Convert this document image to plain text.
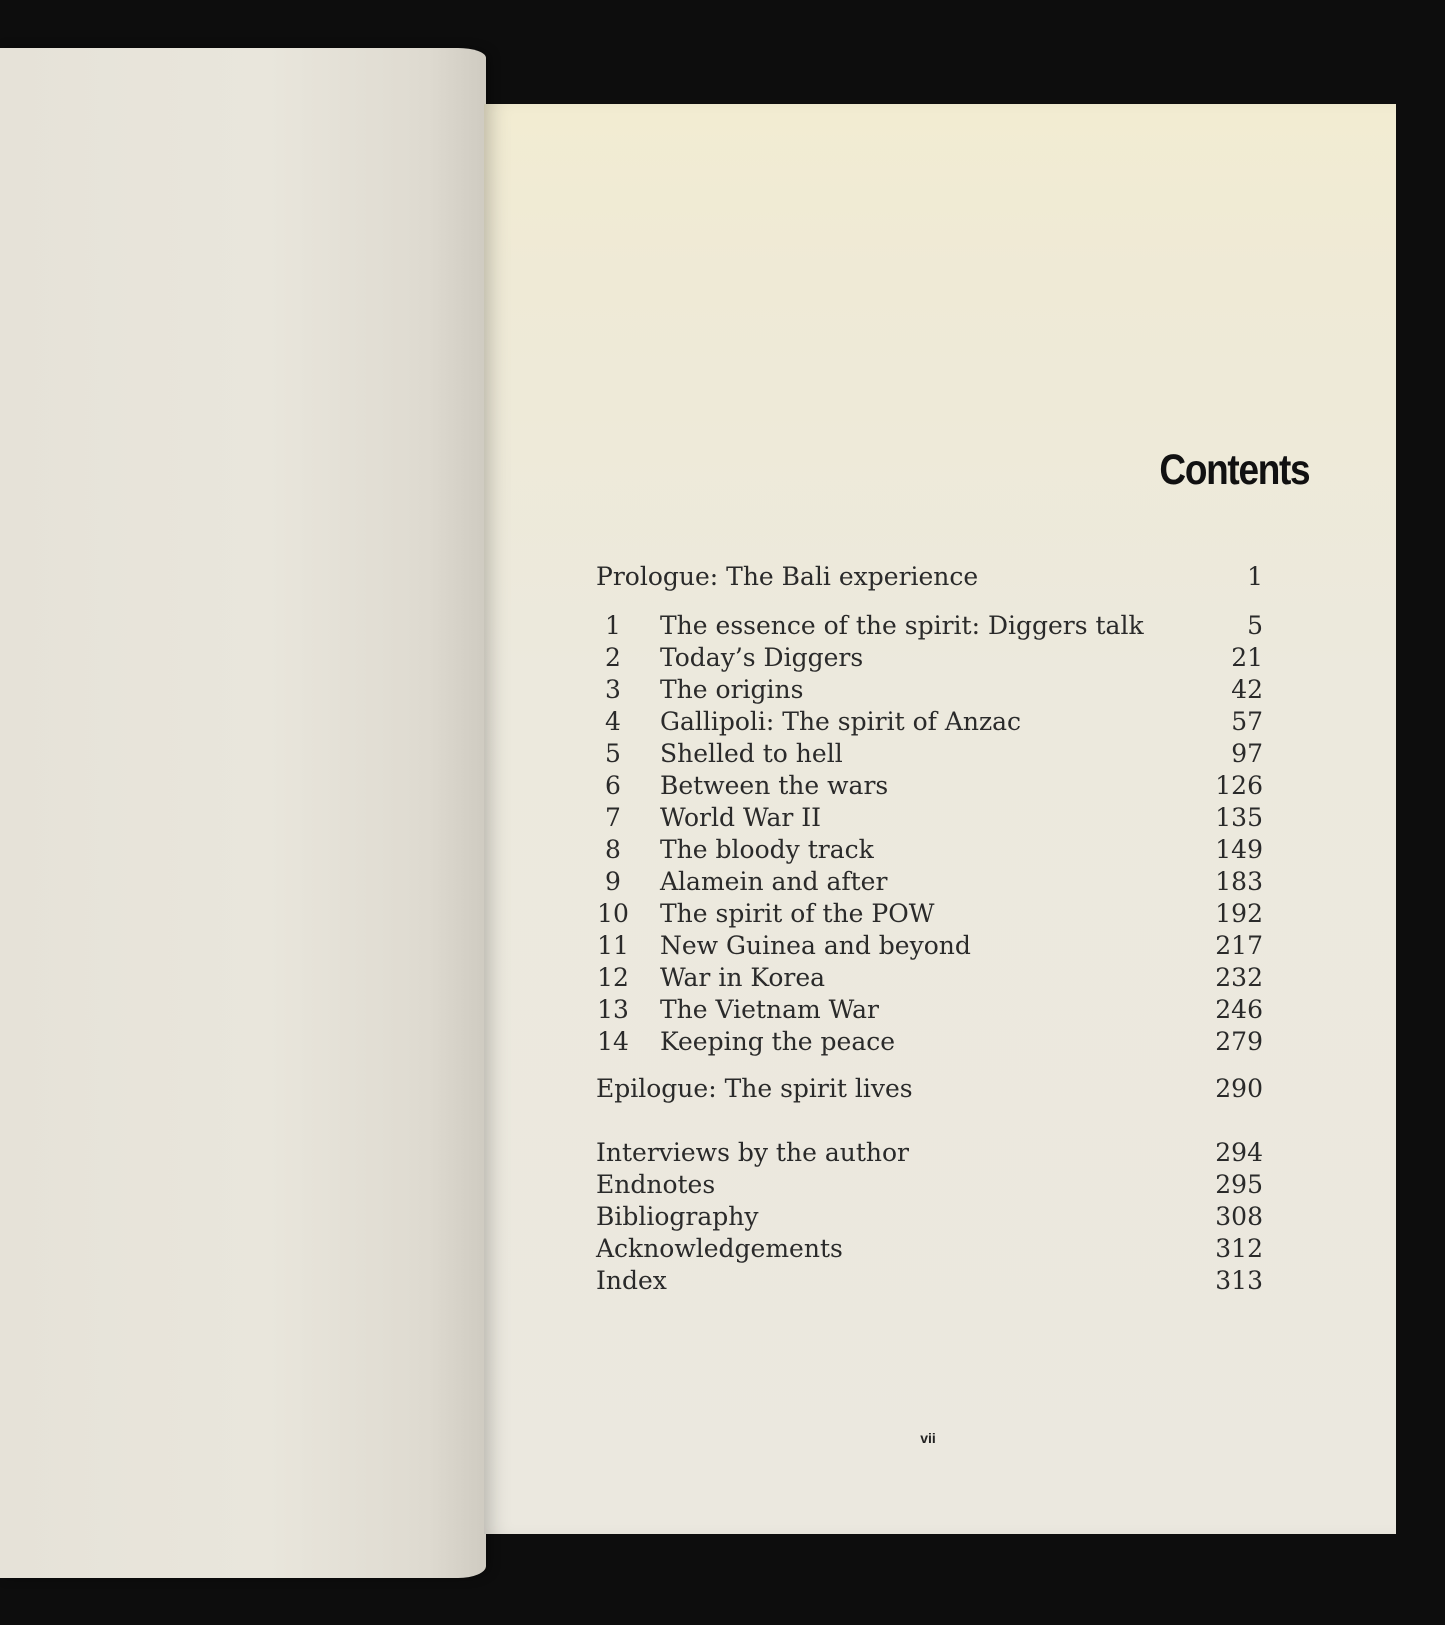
Contents
Prologue: The Bali experience	1
1	The essence of the spirit: Diggers talk	5
2	Today’s Diggers	21
3	The origins	42
4	Gallipoli: The spirit of Anzac	57
5	Shelled to hell	97
6	Between the wars	126
7	World War II	135
8	The bloody track	149
9	Alamein and after	183
10 The spirit of the POW	192
11 New Guinea and beyond	217
12 War in Korea	232
13 The Vietnam War	246
14 Keeping the peace	279
Epilogue: The spirit lives	290
Interviews by the author	294
Endnotes	295
Bibliography	308
Acknowledgements	312
Index	313
vii
